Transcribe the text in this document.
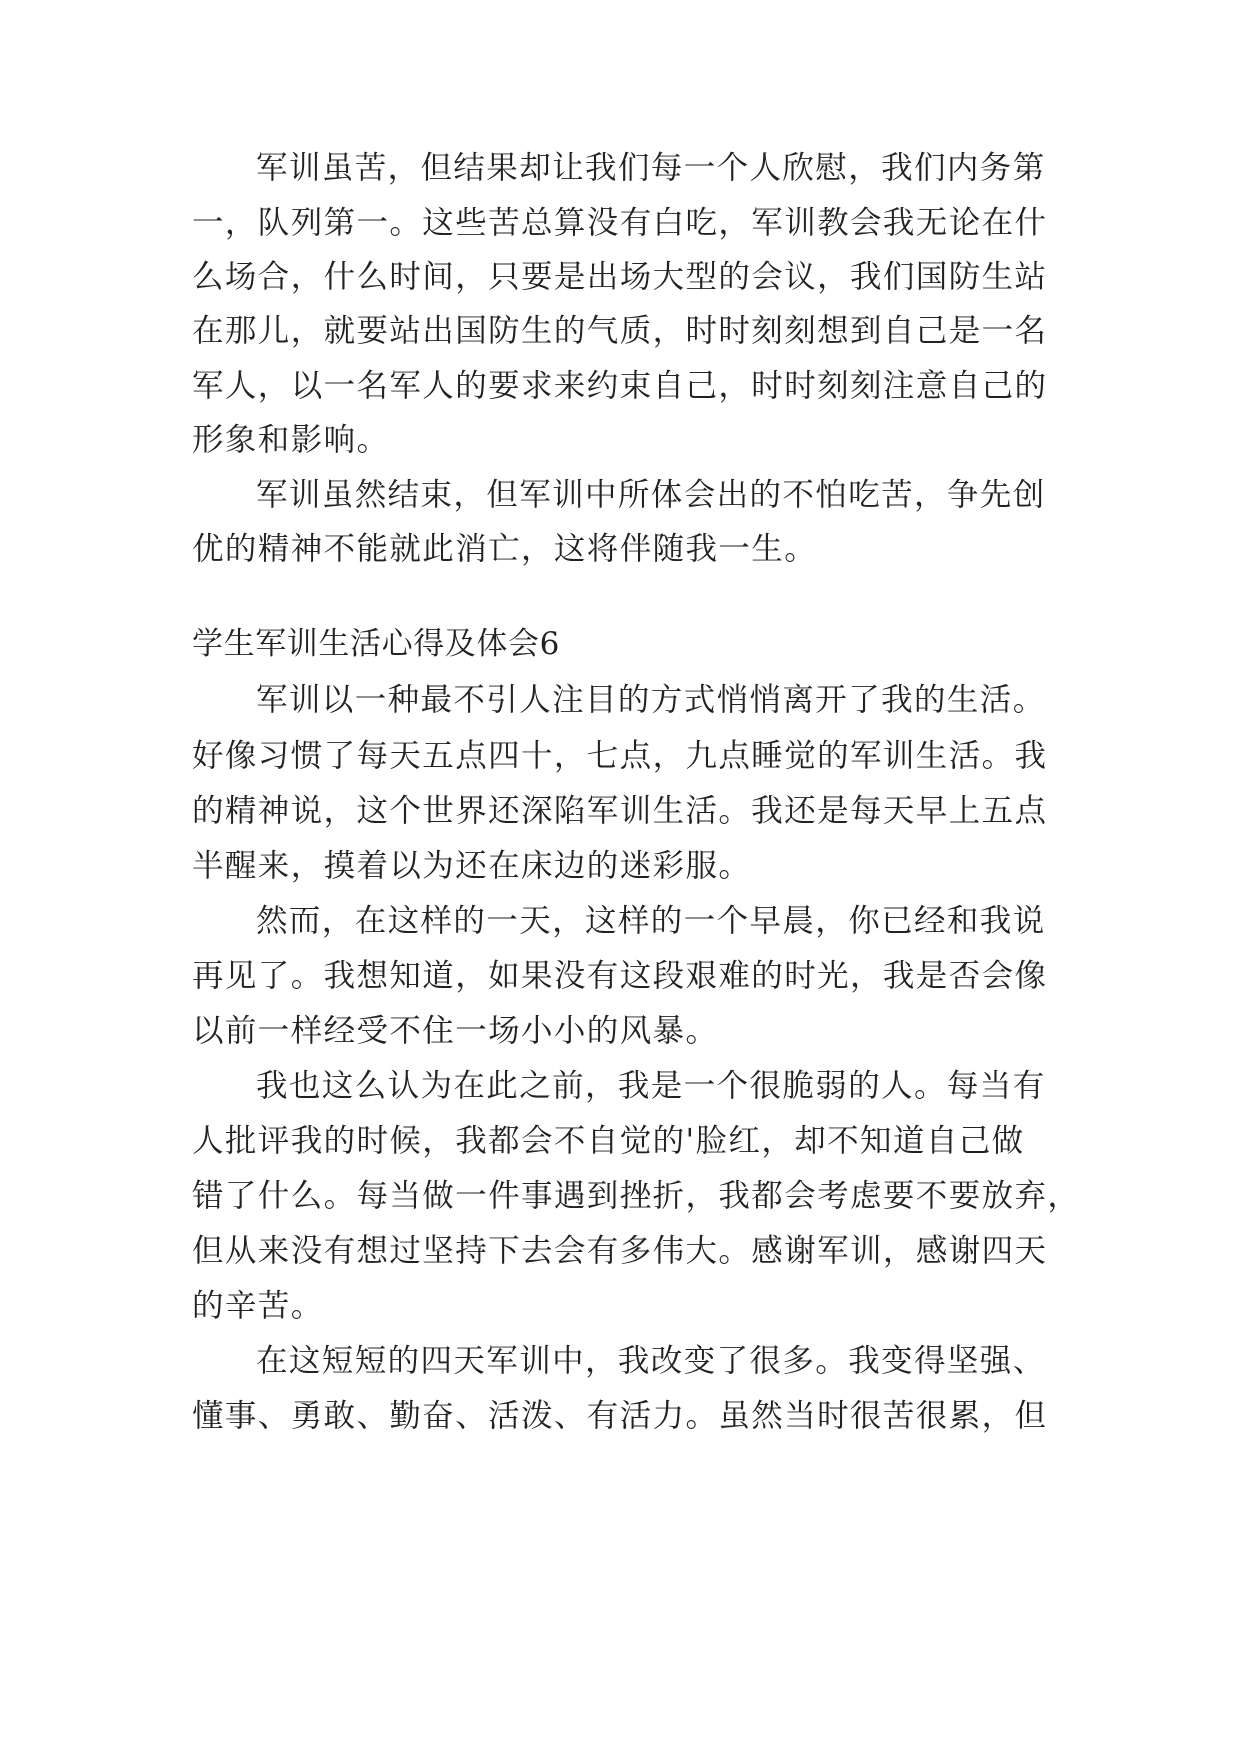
军训虽苦，但结果却让我们每一个人欣慰，我们内务第

一，队列第一。这些苦总算没有白吃，军训教会我无论在什

么场合，什么时间，只要是出场大型的会议，我们国防生站

在那儿，就要站出国防生的气质，时时刻刻想到自己是一名

军人，以一名军人的要求来约束自己，时时刻刻注意自己的

形象和影响。

军训虽然结束，但军训中所体会出的不怕吃苦，争先创

优的精神不能就此消亡，这将伴随我一生。

学生军训生活心得及体会6

军训以一种最不引人注目的方式悄悄离开了我的生活。

好像习惯了每天五点四十，七点，九点睡觉的军训生活。我

的精神说，这个世界还深陷军训生活。我还是每天早上五点

半醒来，摸着以为还在床边的迷彩服。

然而，在这样的一天，这样的一个早晨，你已经和我说

再见了。我想知道，如果没有这段艰难的时光，我是否会像

以前一样经受不住一场小小的风暴。

我也这么认为在此之前，我是一个很脆弱的人。每当有

人批评我的时候，我都会不自觉的'脸红，却不知道自己做

错了什么。每当做一件事遇到挫折，我都会考虑要不要放弃，

但从来没有想过坚持下去会有多伟大。感谢军训，感谢四天

的辛苦。

在这短短的四天军训中，我改变了很多。我变得坚强、

懂事、勇敢、勤奋、活泼、有活力。虽然当时很苦很累，但
